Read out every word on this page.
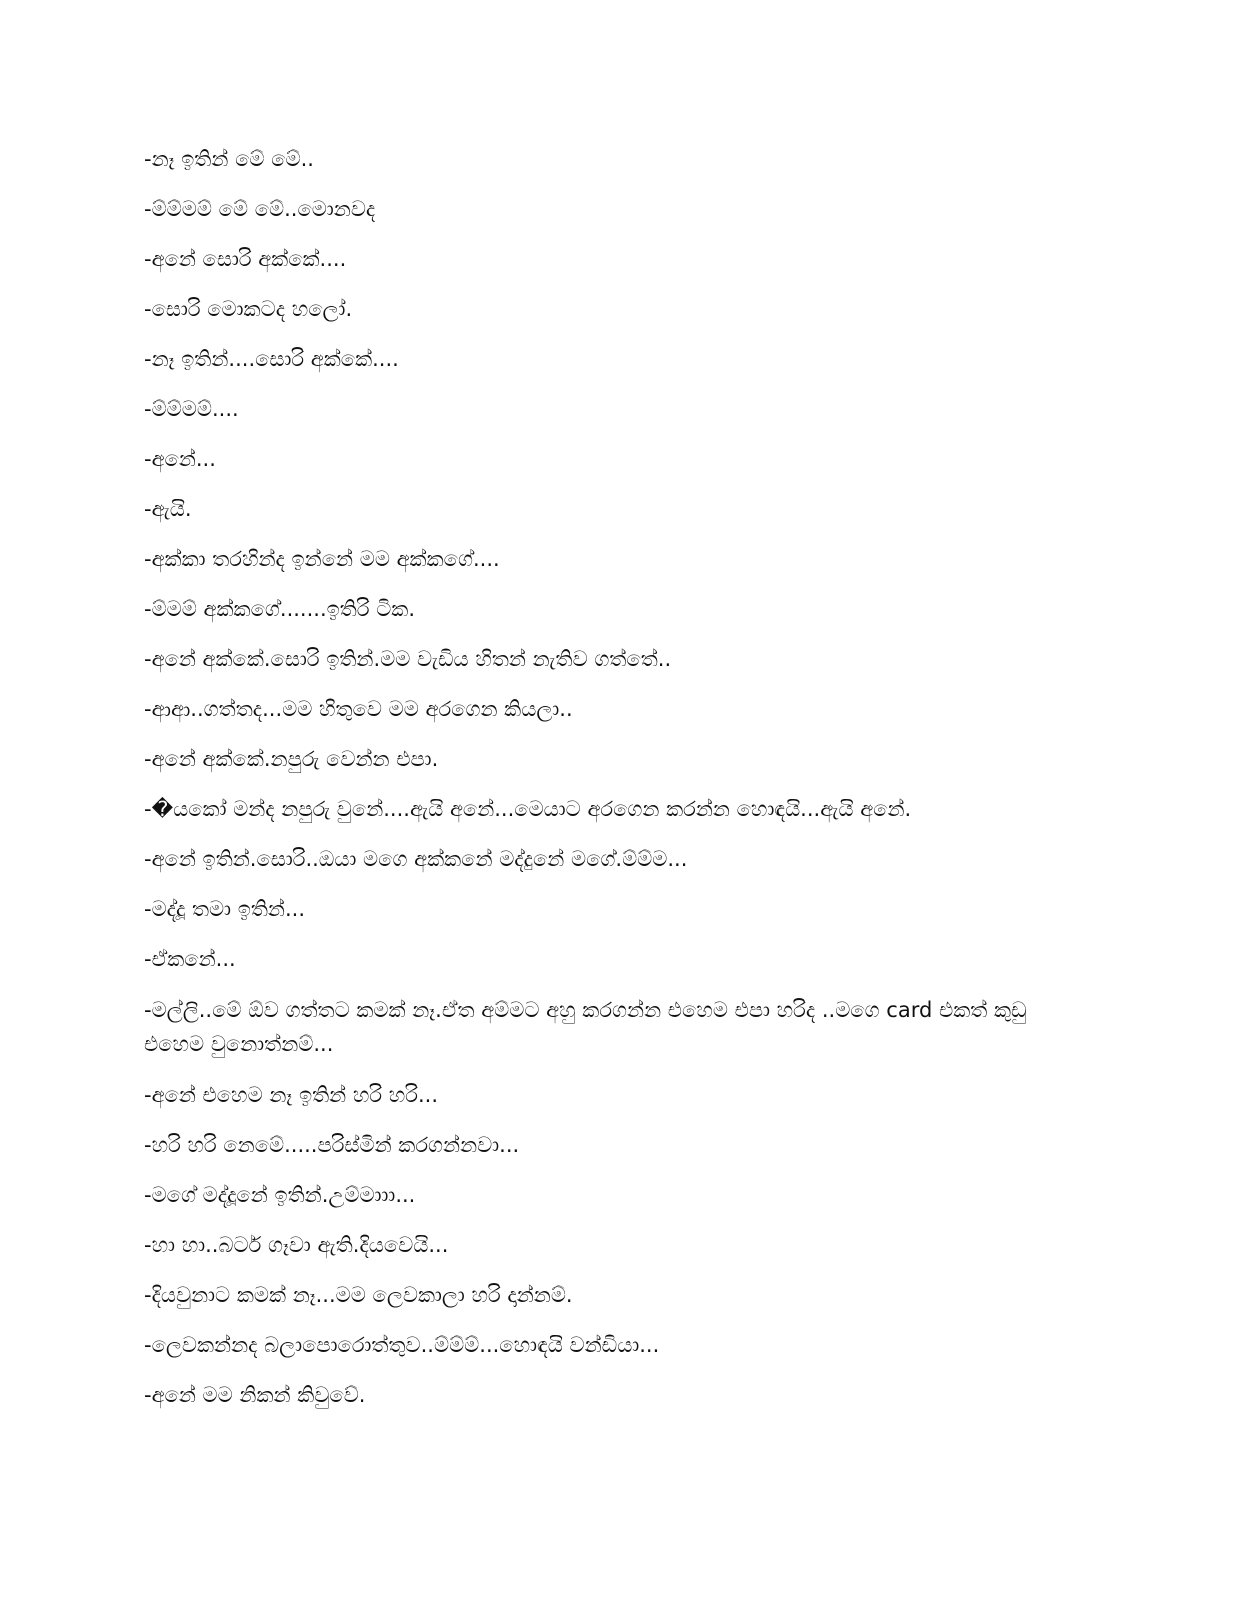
-නෑ ඉතින් මේ මේ..
-ම්ම්මම් මේ මේ..මොනවද
-අනේ සොරි අක්කේ....
-සොරි මොකටද හලෝ.
-නෑ ඉතින්....සොරි අක්කේ....
-ම්ම්මම්....
-අනේ...
-ඇයි.
-අක්කා තරහින්ද ඉන්නේ මම අක්කගේ....
-ම්මම් අක්කගේ.......ඉතිරි ටික.
-අනේ අක්කේ.සොරි ඉතින්.මම වැඩිය හිතන් නැතිව ගත්තේ..
-ආආ..ගත්තද...මම හිතුවෙ මම අරගෙන කියලා..
-අනේ අක්කේ.නපුරු වෙන්න එපා.
-�යකෝ මන්ද නපුරු වුනේ....ඇයි අනේ...මෙයාට අරගෙන කරන්න හොඳයි...ඇයි අනේ.
-අනේ ඉතින්.සොරි..ඔයා මගෙ අක්කනේ මද්දුනේ මගේ.ම්ම්ම...
-මද්දූ තමා ඉතින්...
-ඒකනේ...
-මල්ලි..මේ ඕව ගත්තට කමක් නෑ.ඒත අම්මට අහු කරගන්න එහෙම එපා හරිද ..මගෙ card එකත් කුඩු එහෙම වුනොත්නම්...
-අනේ එහෙම නෑ ඉතින් හරි හරි...
-හරි හරි නෙමේ.....පරිස්මින් කරගන්නවා...
-මගේ මද්දූනේ ඉතින්.උම්මාාා...
-හා හා..බටර් ගෑවා ඇති.දියවෙයි...
-දියවුනාට කමක් නෑ...මම ලෙවකාලා හරි දාන්නම්.
-ලෙවකන්නද බලාපොරොත්තුව..ම්ම්ම්...හොඳයි වන්ඩියා...
-අනේ මම නිකන් කිවුවේ.
